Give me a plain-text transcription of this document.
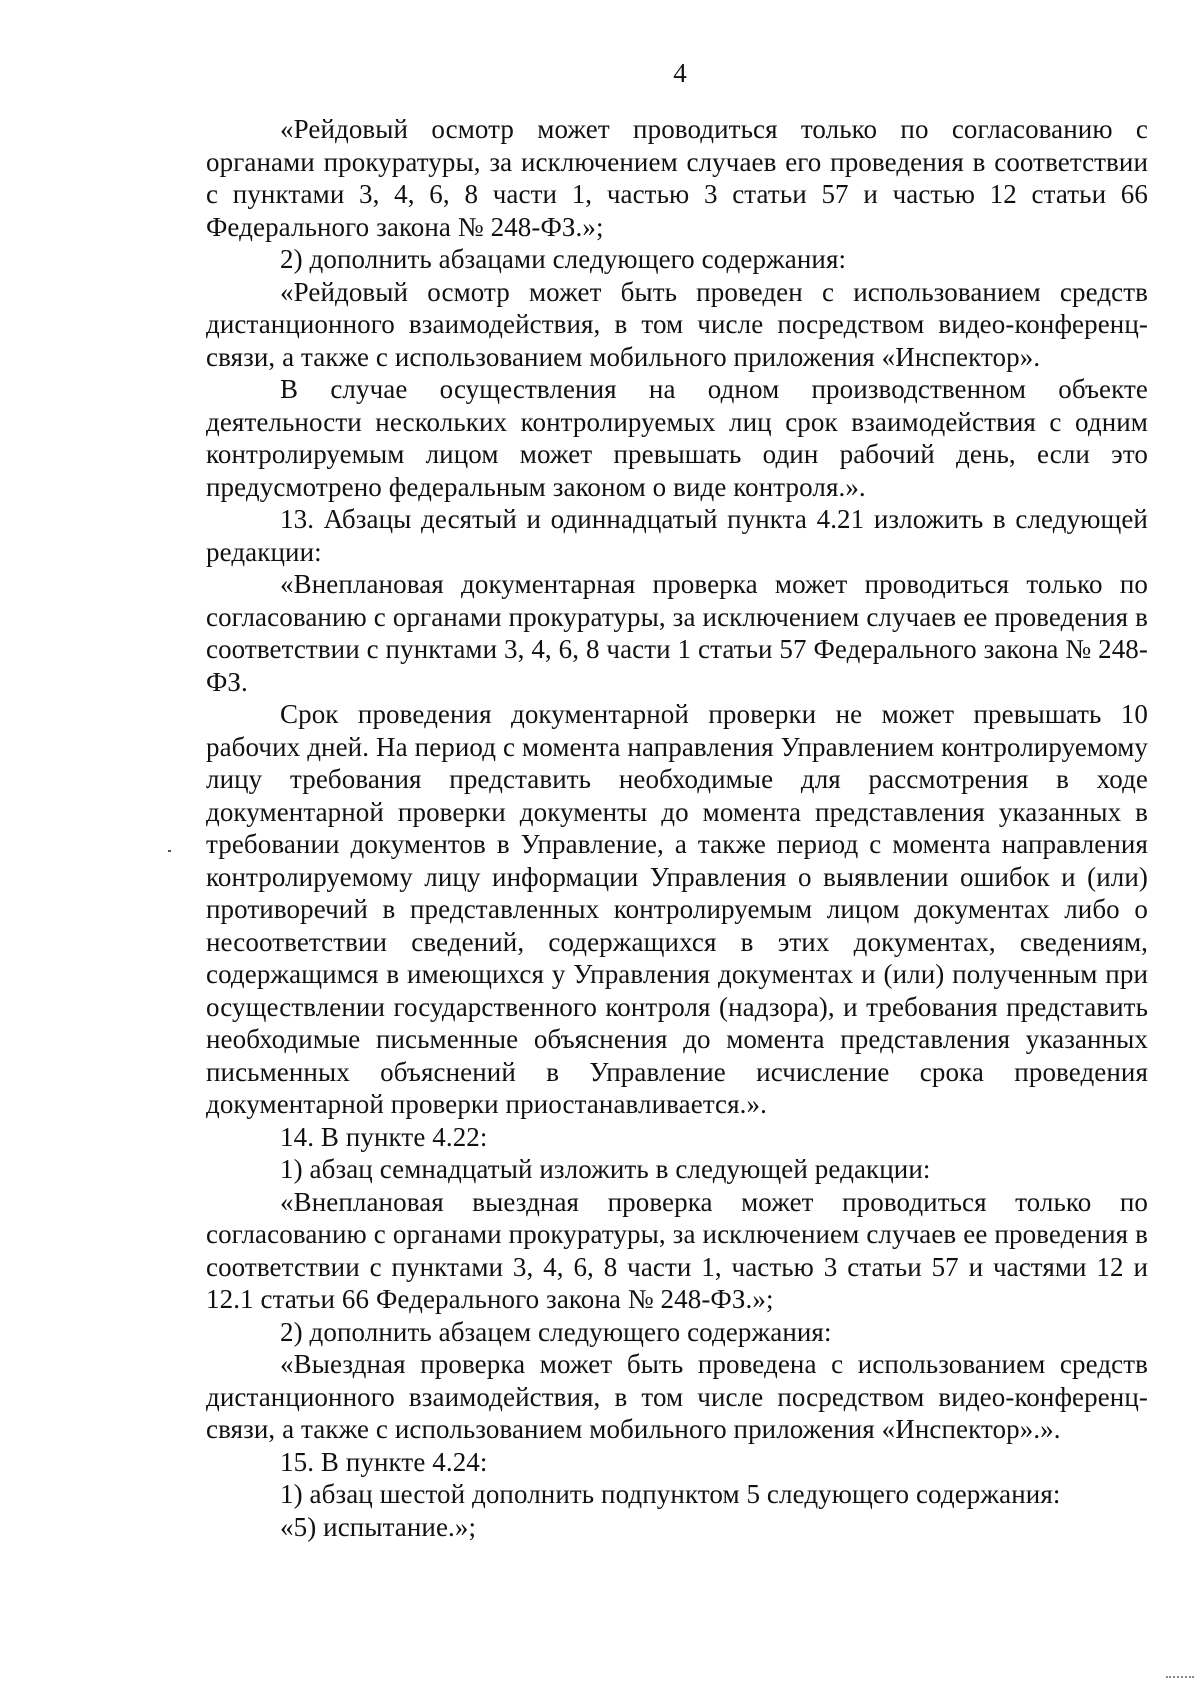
4

«Рейдовый осмотр может проводиться только по согласованию с органами прокуратуры, за исключением случаев его проведения в соответствии с пунктами 3, 4, 6, 8 части 1, частью 3 статьи 57 и частью 12 статьи 66 Федерального закона № 248-ФЗ.»;

2) дополнить абзацами следующего содержания:

«Рейдовый осмотр может быть проведен с использованием средств дистанционного взаимодействия, в том числе посредством видео-конференц-связи, а также с использованием мобильного приложения «Инспектор».

В случае осуществления на одном производственном объекте деятельности нескольких контролируемых лиц срок взаимодействия с одним контролируемым лицом может превышать один рабочий день, если это предусмотрено федеральным законом о виде контроля.».

13. Абзацы десятый и одиннадцатый пункта 4.21 изложить в следующей редакции:

«Внеплановая документарная проверка может проводиться только по согласованию с органами прокуратуры, за исключением случаев ее проведения в соответствии с пунктами 3, 4, 6, 8 части 1 статьи 57 Федерального закона № 248-ФЗ.

Срок проведения документарной проверки не может превышать 10 рабочих дней. На период с момента направления Управлением контролируемому лицу требования представить необходимые для рассмотрения в ходе документарной проверки документы до момента представления указанных в требовании документов в Управление, а также период с момента направления контролируемому лицу информации Управления о выявлении ошибок и (или) противоречий в представленных контролируемым лицом документах либо о несоответствии сведений, содержащихся в этих документах, сведениям, содержащимся в имеющихся у Управления документах и (или) полученным при осуществлении государственного контроля (надзора), и требования представить необходимые письменные объяснения до момента представления указанных письменных объяснений в Управление исчисление срока проведения документарной проверки приостанавливается.».

14. В пункте 4.22:

1) абзац семнадцатый изложить в следующей редакции:

«Внеплановая выездная проверка может проводиться только по согласованию с органами прокуратуры, за исключением случаев ее проведения в соответствии с пунктами 3, 4, 6, 8 части 1, частью 3 статьи 57 и частями 12 и 12.1 статьи 66 Федерального закона № 248-ФЗ.»;

2) дополнить абзацем следующего содержания:

«Выездная проверка может быть проведена с использованием средств дистанционного взаимодействия, в том числе посредством видео-конференц-связи, а также с использованием мобильного приложения «Инспектор».».

15. В пункте 4.24:

1) абзац шестой дополнить подпунктом 5 следующего содержания:

«5) испытание.»;
